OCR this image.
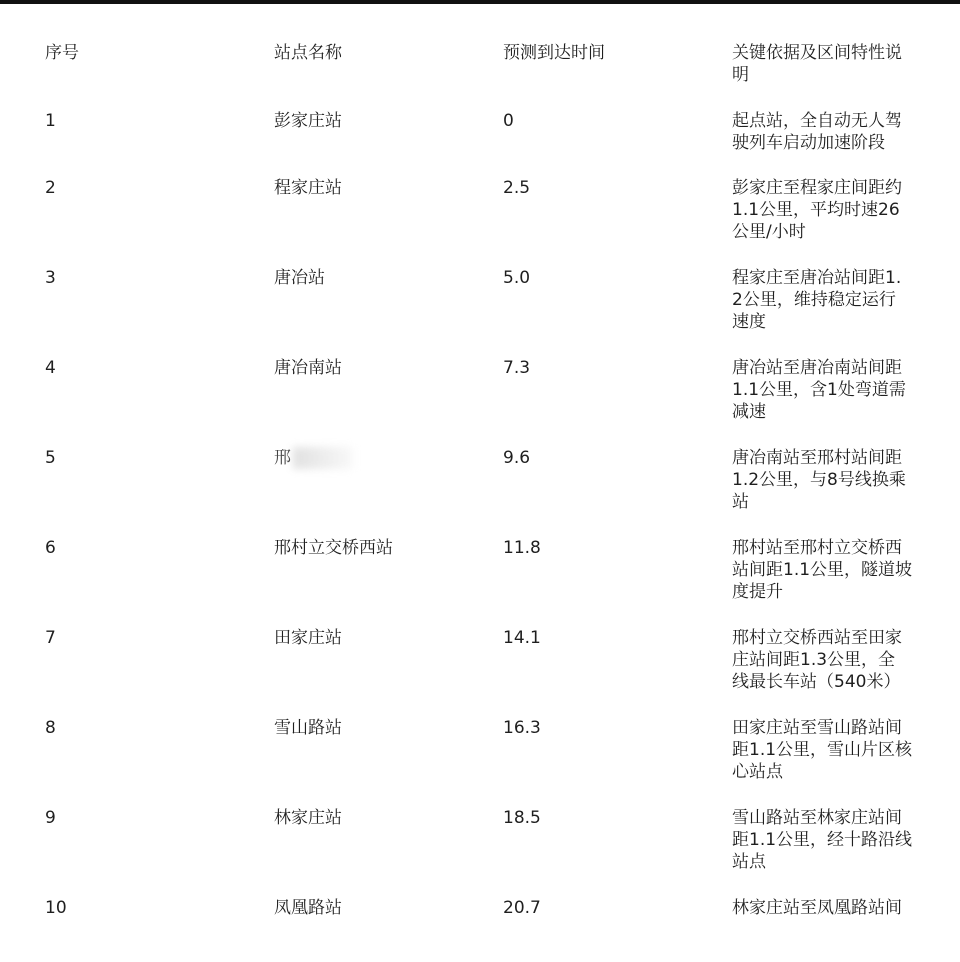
序号	站点名称	预测到达时间	关键依据及区间特性说
明
1	彭家庄站	0	起点站，全自动无人驾
驶列车启动加速阶段
2	程家庄站	2.5	彭家庄至程家庄间距约
1.1公里，平均时速26
公里/小时
3	唐冶站	5.0	程家庄至唐冶站间距1.
2公里，维持稳定运行
速度
4	唐冶南站	7.3	唐冶站至唐冶南站间距
1.1公里，含1处弯道需
减速
5	邢	9.6	唐冶南站至邢村站间距
1.2公里，与8号线换乘
站
6	邢村立交桥西站	11.8	邢村站至邢村立交桥西
站间距1.1公里，隧道坡
度提升
7	田家庄站	14.1	邢村立交桥西站至田家
庄站间距1.3公里，全
线最长车站（540米）
8	雪山路站	16.3	田家庄站至雪山路站间
距1.1公里，雪山片区核
心站点
9	林家庄站	18.5	雪山路站至林家庄站间
距1.1公里，经十路沿线
站点
10	凤凰路站	20.7	林家庄站至凤凰路站间
